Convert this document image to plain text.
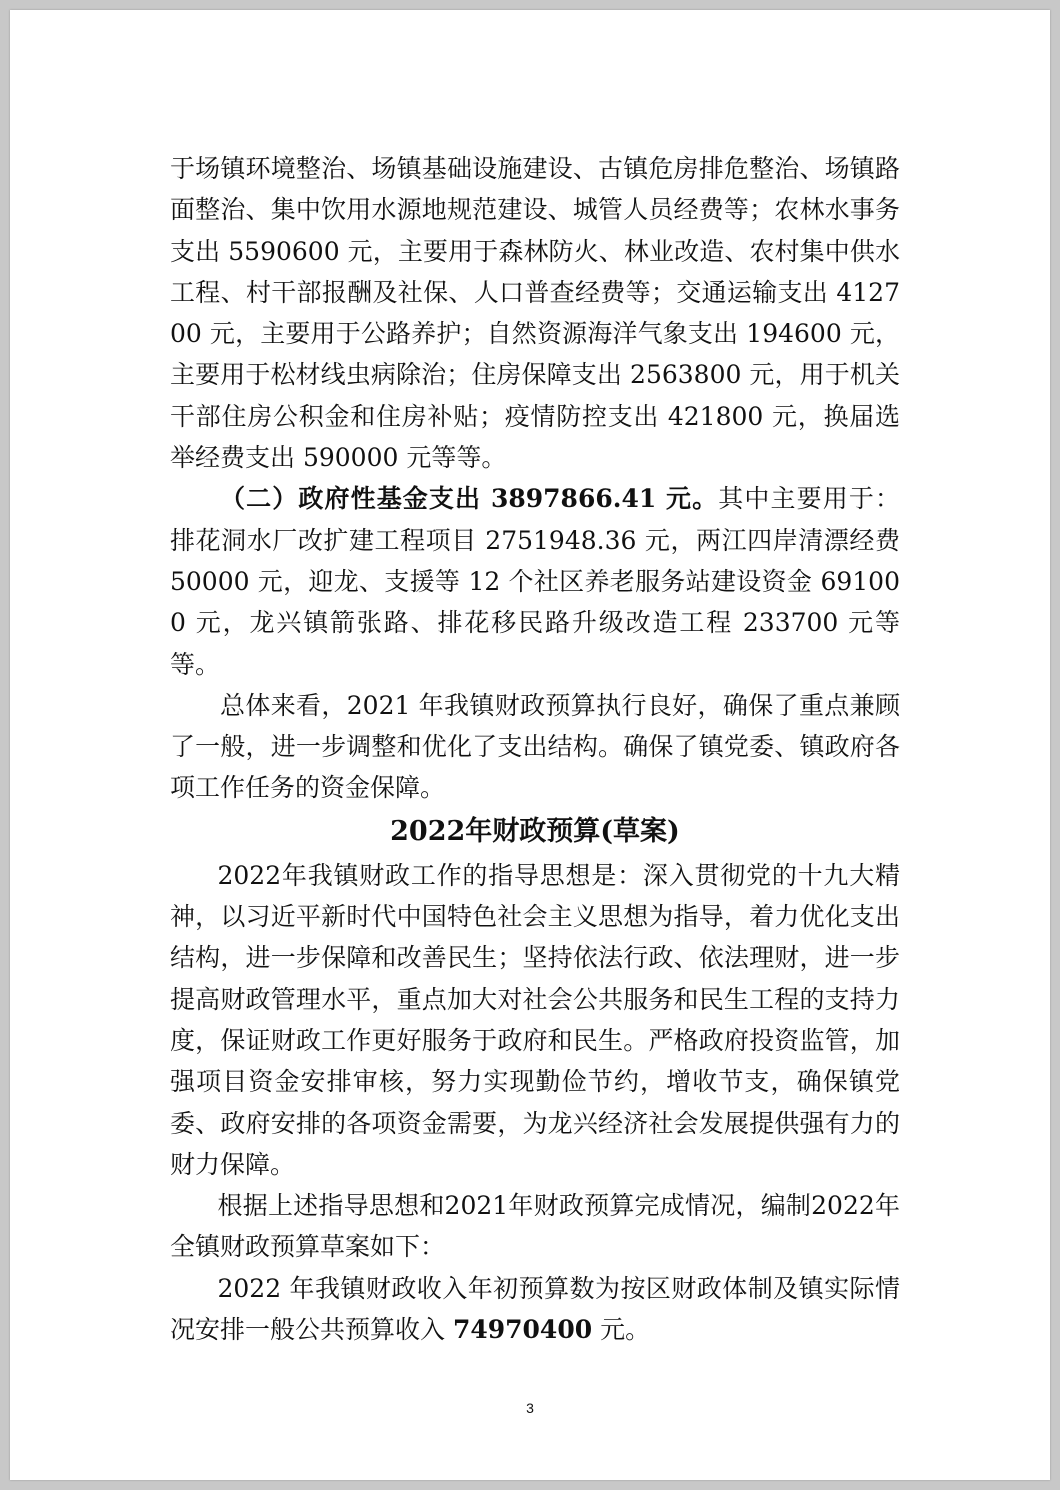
于场镇环境整治、场镇基础设施建设、古镇危房排危整治、场镇路面整治、集中饮用水源地规范建设、城管人员经费等；农林水事务支出 5590600 元，主要用于森林防火、林业改造、农村集中供水工程、村干部报酬及社保、人口普查经费等；交通运输支出 412700 元，主要用于公路养护；自然资源海洋气象支出 194600 元，主要用于松材线虫病除治；住房保障支出 2563800 元，用于机关干部住房公积金和住房补贴；疫情防控支出 421800 元，换届选举经费支出 590000 元等等。

（二）政府性基金支出 3897866.41 元。其中主要用于：排花洞水厂改扩建工程项目 2751948.36 元，两江四岸清漂经费 50000 元，迎龙、支援等 12 个社区养老服务站建设资金 691000 元，龙兴镇箭张路、排花移民路升级改造工程 233700 元等等。

总体来看，2021 年我镇财政预算执行良好，确保了重点兼顾了一般，进一步调整和优化了支出结构。确保了镇党委、镇政府各项工作任务的资金保障。

2022年财政预算(草案)

2022年我镇财政工作的指导思想是：深入贯彻党的十九大精神，以习近平新时代中国特色社会主义思想为指导，着力优化支出结构，进一步保障和改善民生；坚持依法行政、依法理财，进一步提高财政管理水平，重点加大对社会公共服务和民生工程的支持力度，保证财政工作更好服务于政府和民生。严格政府投资监管，加强项目资金安排审核，努力实现勤俭节约，增收节支，确保镇党委、政府安排的各项资金需要，为龙兴经济社会发展提供强有力的财力保障。

根据上述指导思想和2021年财政预算完成情况，编制2022年全镇财政预算草案如下：

2022 年我镇财政收入年初预算数为按区财政体制及镇实际情况安排一般公共预算收入 74970400 元。

3
